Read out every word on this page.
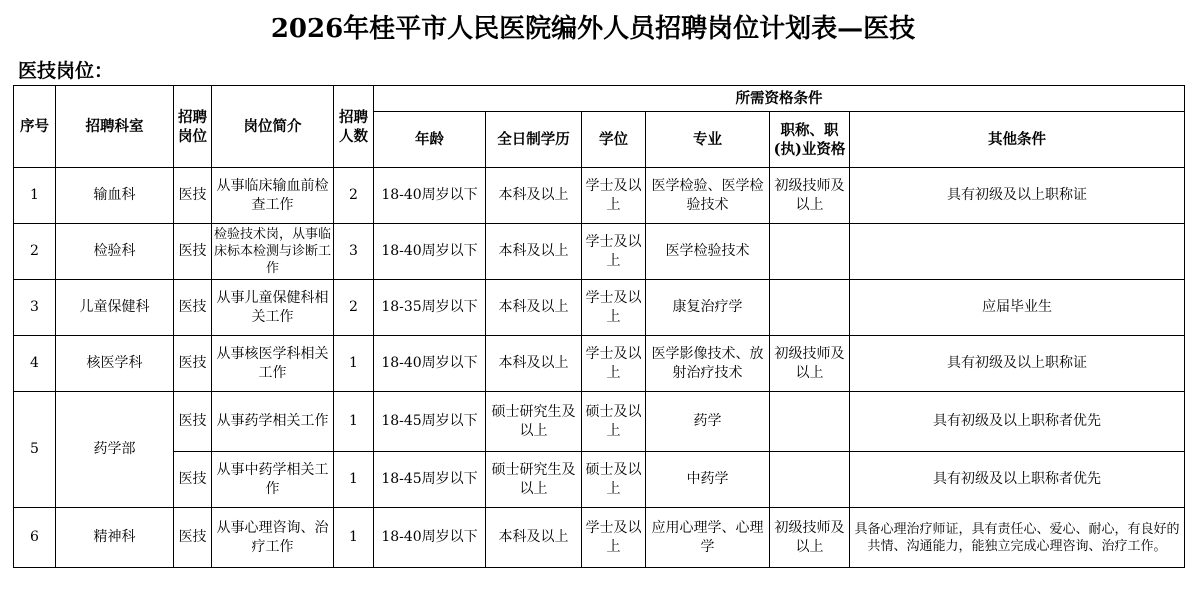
2026年桂平市人民医院编外人员招聘岗位计划表—医技
医技岗位：
序号	招聘科室	招聘岗位	岗位简介	招聘人数	所需资格条件					
					年龄	全日制学历	学位	专业	职称、职(执)业资格	其他条件
1	输血科	医技	从事临床输血前检查工作	2	18-40周岁以下	本科及以上	学士及以上	医学检验、医学检验技术	初级技师及以上	具有初级及以上职称证
2	检验科	医技	检验技术岗，从事临床标本检测与诊断工作	3	18-40周岁以下	本科及以上	学士及以上	医学检验技术		
3	儿童保健科	医技	从事儿童保健科相关工作	2	18-35周岁以下	本科及以上	学士及以上	康复治疗学		应届毕业生
4	核医学科	医技	从事核医学科相关工作	1	18-40周岁以下	本科及以上	学士及以上	医学影像技术、放射治疗技术	初级技师及以上	具有初级及以上职称证
5	药学部	医技	从事药学相关工作	1	18-45周岁以下	硕士研究生及以上	硕士及以上	药学		具有初级及以上职称者优先
		医技	从事中药学相关工作	1	18-45周岁以下	硕士研究生及以上	硕士及以上	中药学		具有初级及以上职称者优先
6	精神科	医技	从事心理咨询、治疗工作	1	18-40周岁以下	本科及以上	学士及以上	应用心理学、心理学	初级技师及以上	具备心理治疗师证，具有责任心、爱心、耐心，有良好的共情、沟通能力，能独立完成心理咨询、治疗工作。
